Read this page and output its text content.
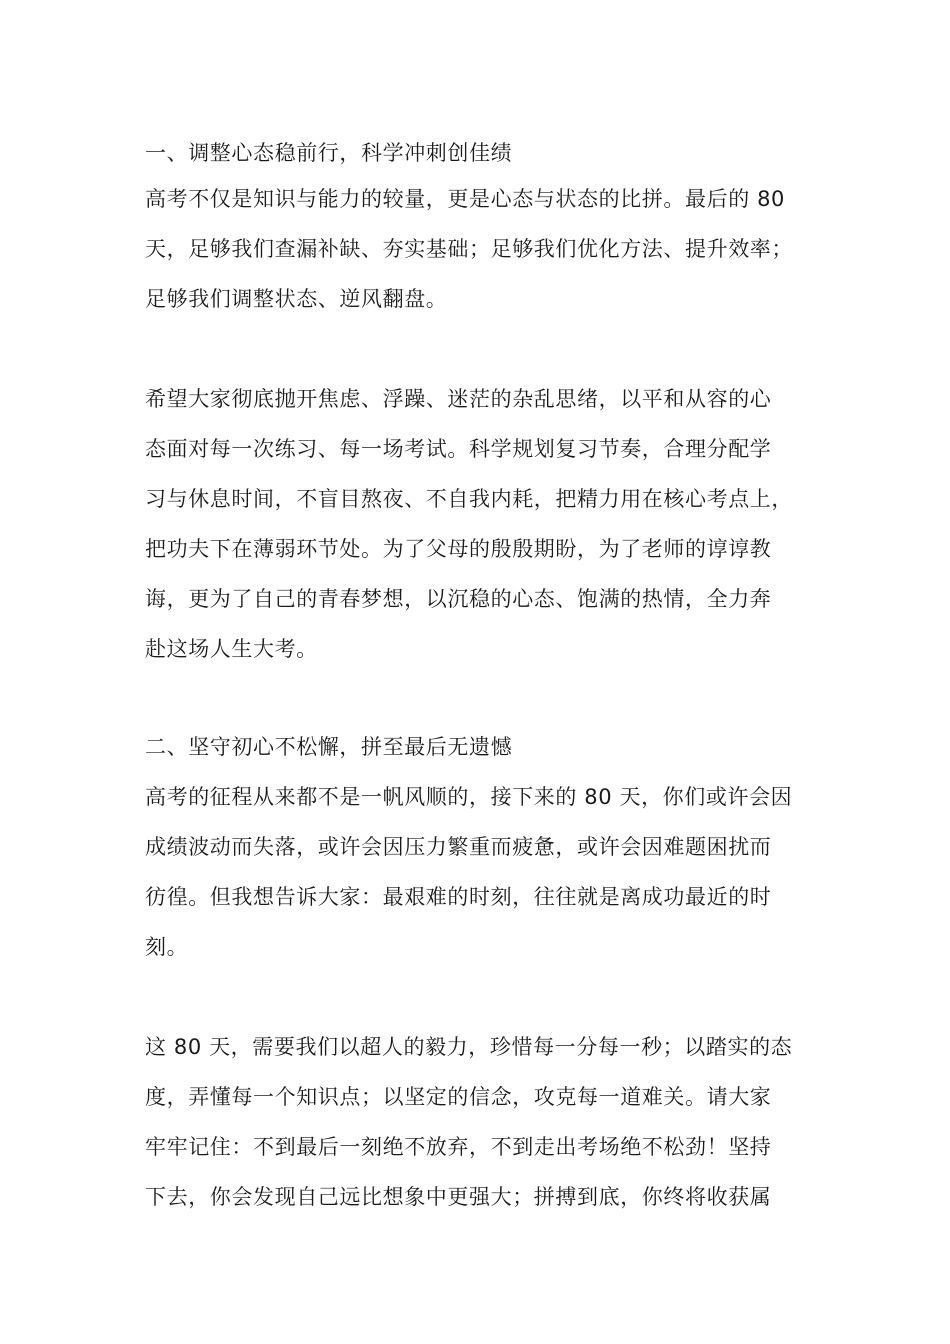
一、调整心态稳前行，科学冲刺创佳绩

高考不仅是知识与能力的较量，更是心态与状态的比拼。最后的 80

天，足够我们查漏补缺、夯实基础；足够我们优化方法、提升效率；

足够我们调整状态、逆风翻盘。

希望大家彻底抛开焦虑、浮躁、迷茫的杂乱思绪，以平和从容的心

态面对每一次练习、每一场考试。科学规划复习节奏，合理分配学

习与休息时间，不盲目熬夜、不自我内耗，把精力用在核心考点上，

把功夫下在薄弱环节处。为了父母的殷殷期盼，为了老师的谆谆教

诲，更为了自己的青春梦想，以沉稳的心态、饱满的热情，全力奔

赴这场人生大考。

二、坚守初心不松懈，拼至最后无遗憾

高考的征程从来都不是一帆风顺的，接下来的 80 天，你们或许会因

成绩波动而失落，或许会因压力繁重而疲惫，或许会因难题困扰而

彷徨。但我想告诉大家：最艰难的时刻，往往就是离成功最近的时

刻。

这 80 天，需要我们以超人的毅力，珍惜每一分每一秒；以踏实的态

度，弄懂每一个知识点；以坚定的信念，攻克每一道难关。请大家

牢牢记住：不到最后一刻绝不放弃，不到走出考场绝不松劲！坚持

下去，你会发现自己远比想象中更强大；拼搏到底，你终将收获属
